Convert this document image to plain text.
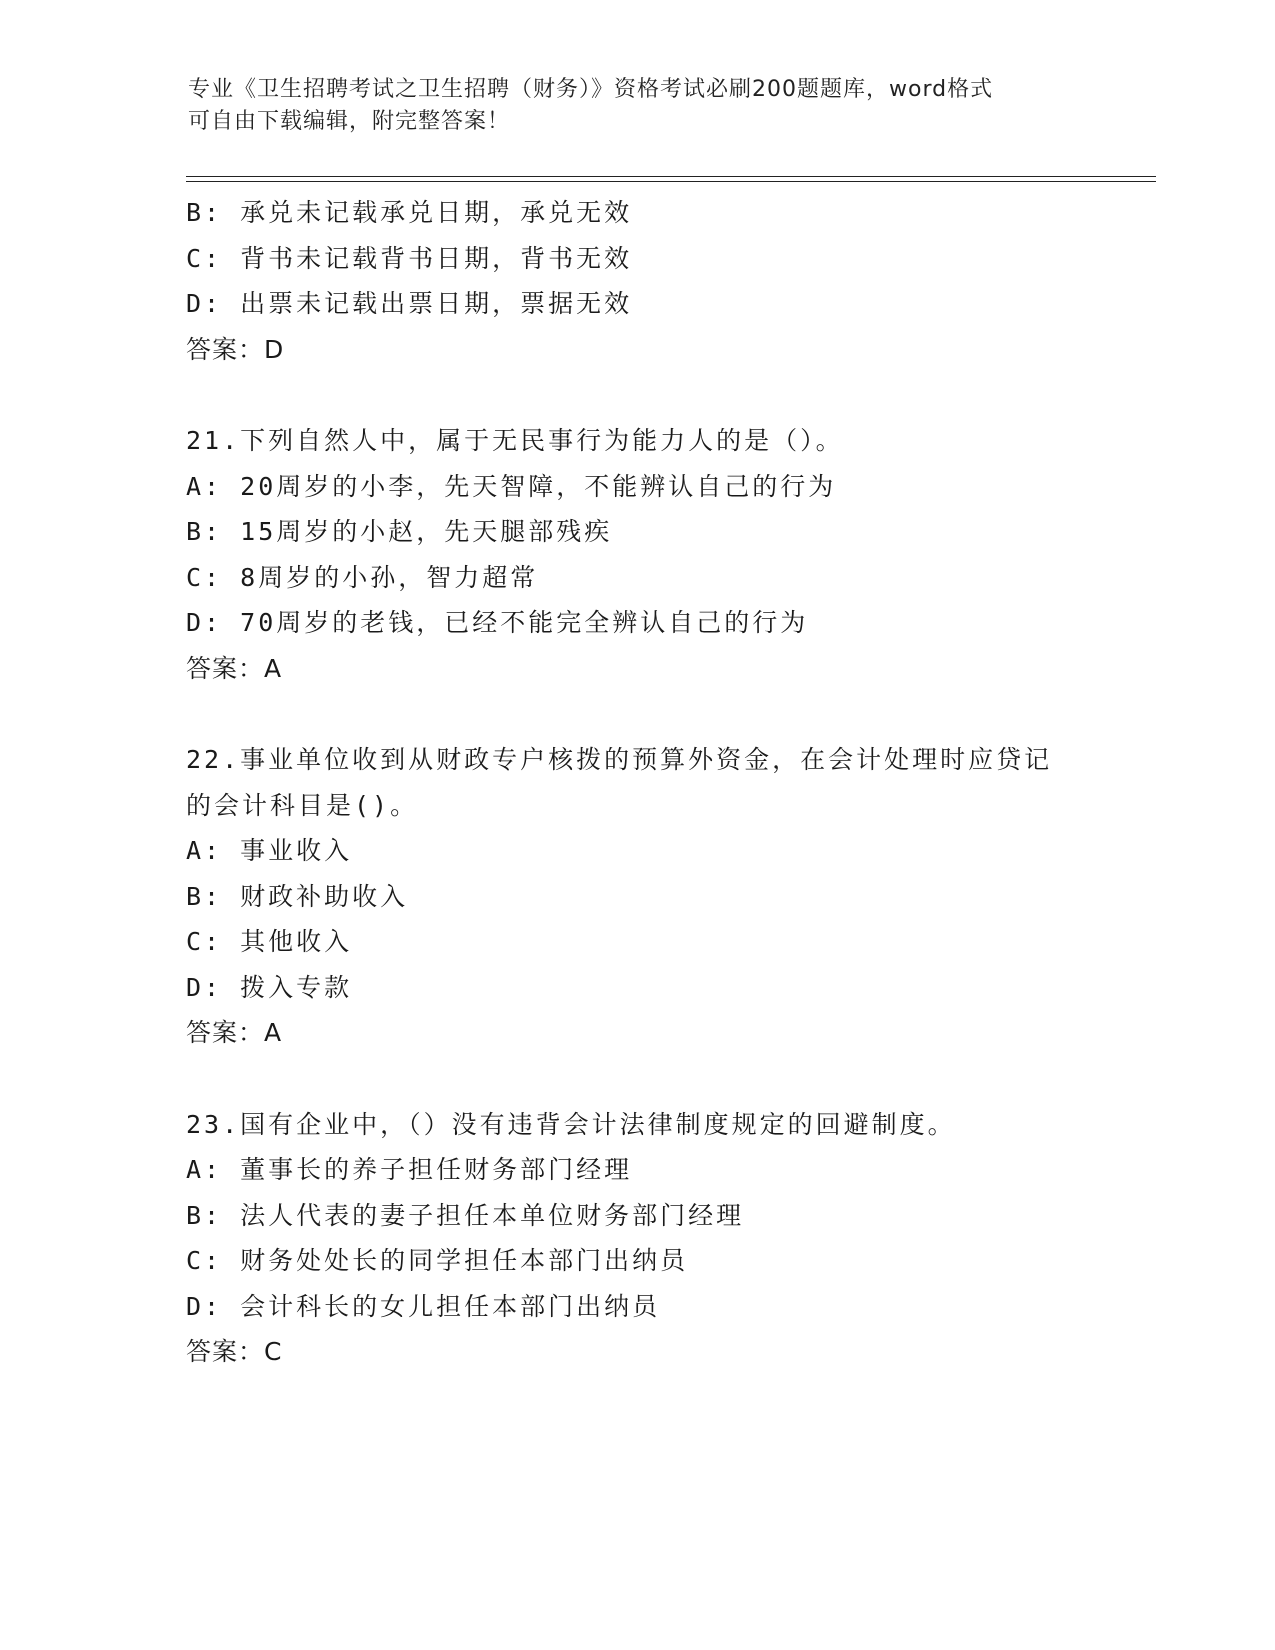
专业《卫生招聘考试之卫生招聘（财务）》资格考试必刷200题题库，word格式
可自由下载编辑，附完整答案！
B: 承兑未记载承兑日期，承兑无效
C: 背书未记载背书日期，背书无效
D: 出票未记载出票日期，票据无效
答案：D
21.下列自然人中，属于无民事行为能力人的是（）。
A: 20周岁的小李，先天智障，不能辨认自己的行为
B: 15周岁的小赵，先天腿部残疾
C: 8周岁的小孙，智力超常
D: 70周岁的老钱，已经不能完全辨认自己的行为
答案：A
22.事业单位收到从财政专户核拨的预算外资金，在会计处理时应贷记
的会计科目是()。
A: 事业收入
B: 财政补助收入
C: 其他收入
D: 拨入专款
答案：A
23.国有企业中，（）没有违背会计法律制度规定的回避制度。
A: 董事长的养子担任财务部门经理
B: 法人代表的妻子担任本单位财务部门经理
C: 财务处处长的同学担任本部门出纳员
D: 会计科长的女儿担任本部门出纳员
答案：C
